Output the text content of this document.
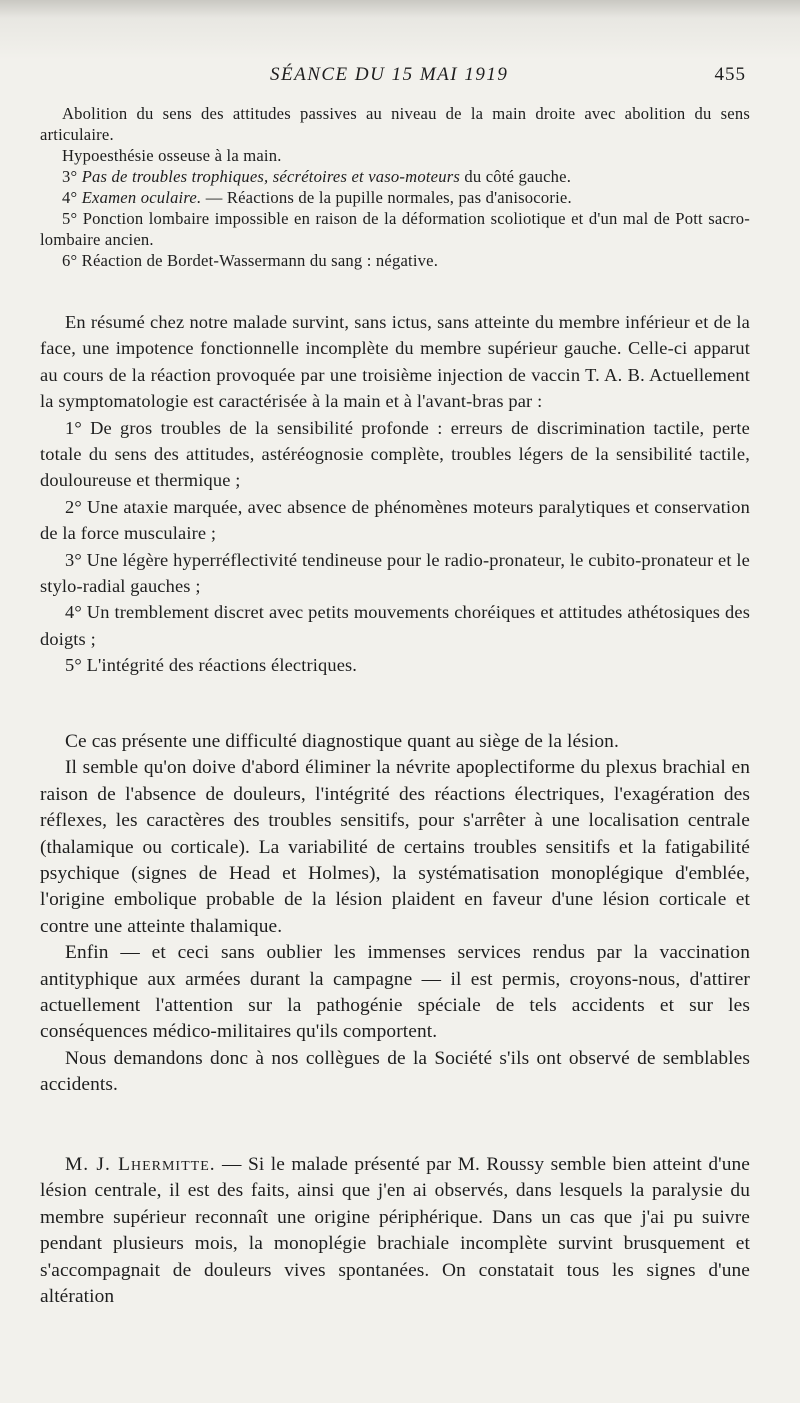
SÉANCE DU 15 MAI 1919	455

Abolition du sens des attitudes passives au niveau de la main droite avec abolition du sens articulaire.

Hypoesthésie osseuse à la main.

3° Pas de troubles trophiques, sécrétoires et vaso-moteurs du côté gauche.

4° Examen oculaire. — Réactions de la pupille normales, pas d'anisocorie.

5° Ponction lombaire impossible en raison de la déformation scoliotique et d'un mal de Pott sacro-lombaire ancien.

6° Réaction de Bordet-Wassermann du sang : négative.

En résumé chez notre malade survint, sans ictus, sans atteinte du membre inférieur et de la face, une impotence fonctionnelle incomplète du membre supérieur gauche. Celle-ci apparut au cours de la réaction provoquée par une troisième injection de vaccin T. A. B. Actuellement la symptomatologie est caractérisée à la main et à l'avant-bras par :

1° De gros troubles de la sensibilité profonde : erreurs de discrimination tactile, perte totale du sens des attitudes, astéréognosie complète, troubles légers de la sensibilité tactile, douloureuse et thermique ;

2° Une ataxie marquée, avec absence de phénomènes moteurs paralytiques et conservation de la force musculaire ;

3° Une légère hyperréflectivité tendineuse pour le radio-pronateur, le cubito-pronateur et le stylo-radial gauches ;

4° Un tremblement discret avec petits mouvements choréiques et attitudes athétosiques des doigts ;

5° L'intégrité des réactions électriques.

Ce cas présente une difficulté diagnostique quant au siège de la lésion.

Il semble qu'on doive d'abord éliminer la névrite apoplectiforme du plexus brachial en raison de l'absence de douleurs, l'intégrité des réactions électriques, l'exagération des réflexes, les caractères des troubles sensitifs, pour s'arrêter à une localisation centrale (thalamique ou corticale). La variabilité de certains troubles sensitifs et la fatigabilité psychique (signes de Head et Holmes), la systématisation monoplégique d'emblée, l'origine embolique probable de la lésion plaident en faveur d'une lésion corticale et contre une atteinte thalamique.

Enfin — et ceci sans oublier les immenses services rendus par la vaccination antityphique aux armées durant la campagne — il est permis, croyons-nous, d'attirer actuellement l'attention sur la pathogénie spéciale de tels accidents et sur les conséquences médico-militaires qu'ils comportent.

Nous demandons donc à nos collègues de la Société s'ils ont observé de semblables accidents.

M. J. Lhermitte. — Si le malade présenté par M. Roussy semble bien atteint d'une lésion centrale, il est des faits, ainsi que j'en ai observés, dans lesquels la paralysie du membre supérieur reconnaît une origine périphérique. Dans un cas que j'ai pu suivre pendant plusieurs mois, la monoplégie brachiale incomplète survint brusquement et s'accompagnait de douleurs vives spontanées. On constatait tous les signes d'une altération
